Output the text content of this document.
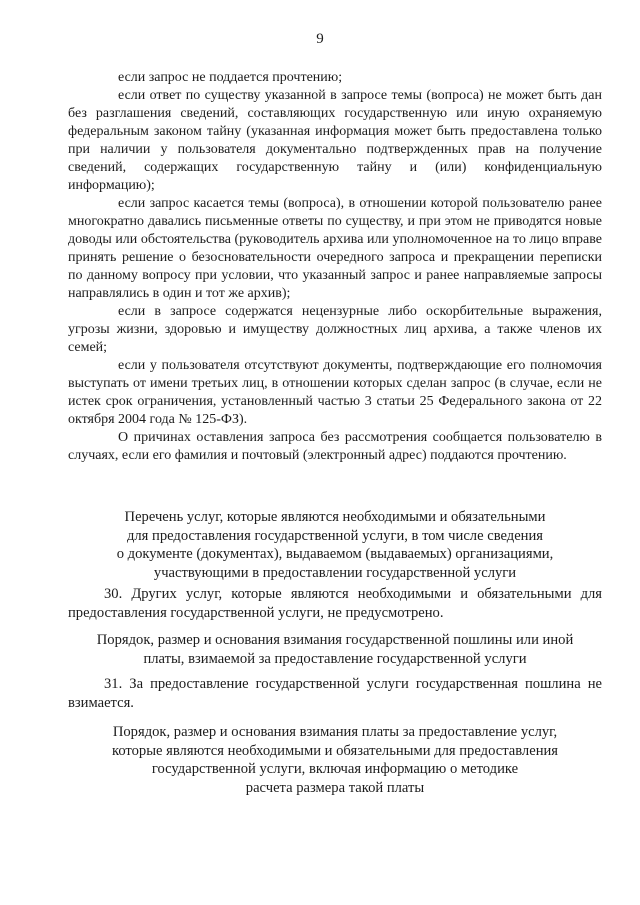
9

если запрос не поддается прочтению;

если ответ по существу указанной в запросе темы (вопроса) не может быть дан без разглашения сведений, составляющих государственную или иную охраняемую федеральным законом тайну (указанная информация может быть предоставлена только при наличии у пользователя документально подтвержденных прав на получение сведений, содержащих государственную тайну и (или) конфиденциальную информацию);

если запрос касается темы (вопроса), в отношении которой пользователю ранее многократно давались письменные ответы по существу, и при этом не приводятся новые доводы или обстоятельства (руководитель архива или уполномоченное на то лицо вправе принять решение о безосновательности очередного запроса и прекращении переписки по данному вопросу при условии, что указанный запрос и ранее направляемые запросы направлялись в один и тот же архив);

если в запросе содержатся нецензурные либо оскорбительные выражения, угрозы жизни, здоровью и имуществу должностных лиц архива, а также членов их семей;

если у пользователя отсутствуют документы, подтверждающие его полномочия выступать от имени третьих лиц, в отношении которых сделан запрос (в случае, если не истек срок ограничения, установленный частью 3 статьи 25 Федерального закона от 22 октября 2004 года № 125-ФЗ).

О причинах оставления запроса без рассмотрения сообщается пользователю в случаях, если его фамилия и почтовый (электронный адрес) поддаются прочтению.

Перечень услуг, которые являются необходимыми и обязательными
для предоставления государственной услуги, в том числе сведения
о документе (документах), выдаваемом (выдаваемых) организациями,
участвующими в предоставлении государственной услуги

30. Других услуг, которые являются необходимыми и обязательными для предоставления государственной услуги, не предусмотрено.

Порядок, размер и основания взимания государственной пошлины или иной
платы, взимаемой за предоставление государственной услуги

31. За предоставление государственной услуги государственная пошлина не взимается.

Порядок, размер и основания взимания платы за предоставление услуг,
которые являются необходимыми и обязательными для предоставления
государственной услуги, включая информацию о методике
расчета размера такой платы
